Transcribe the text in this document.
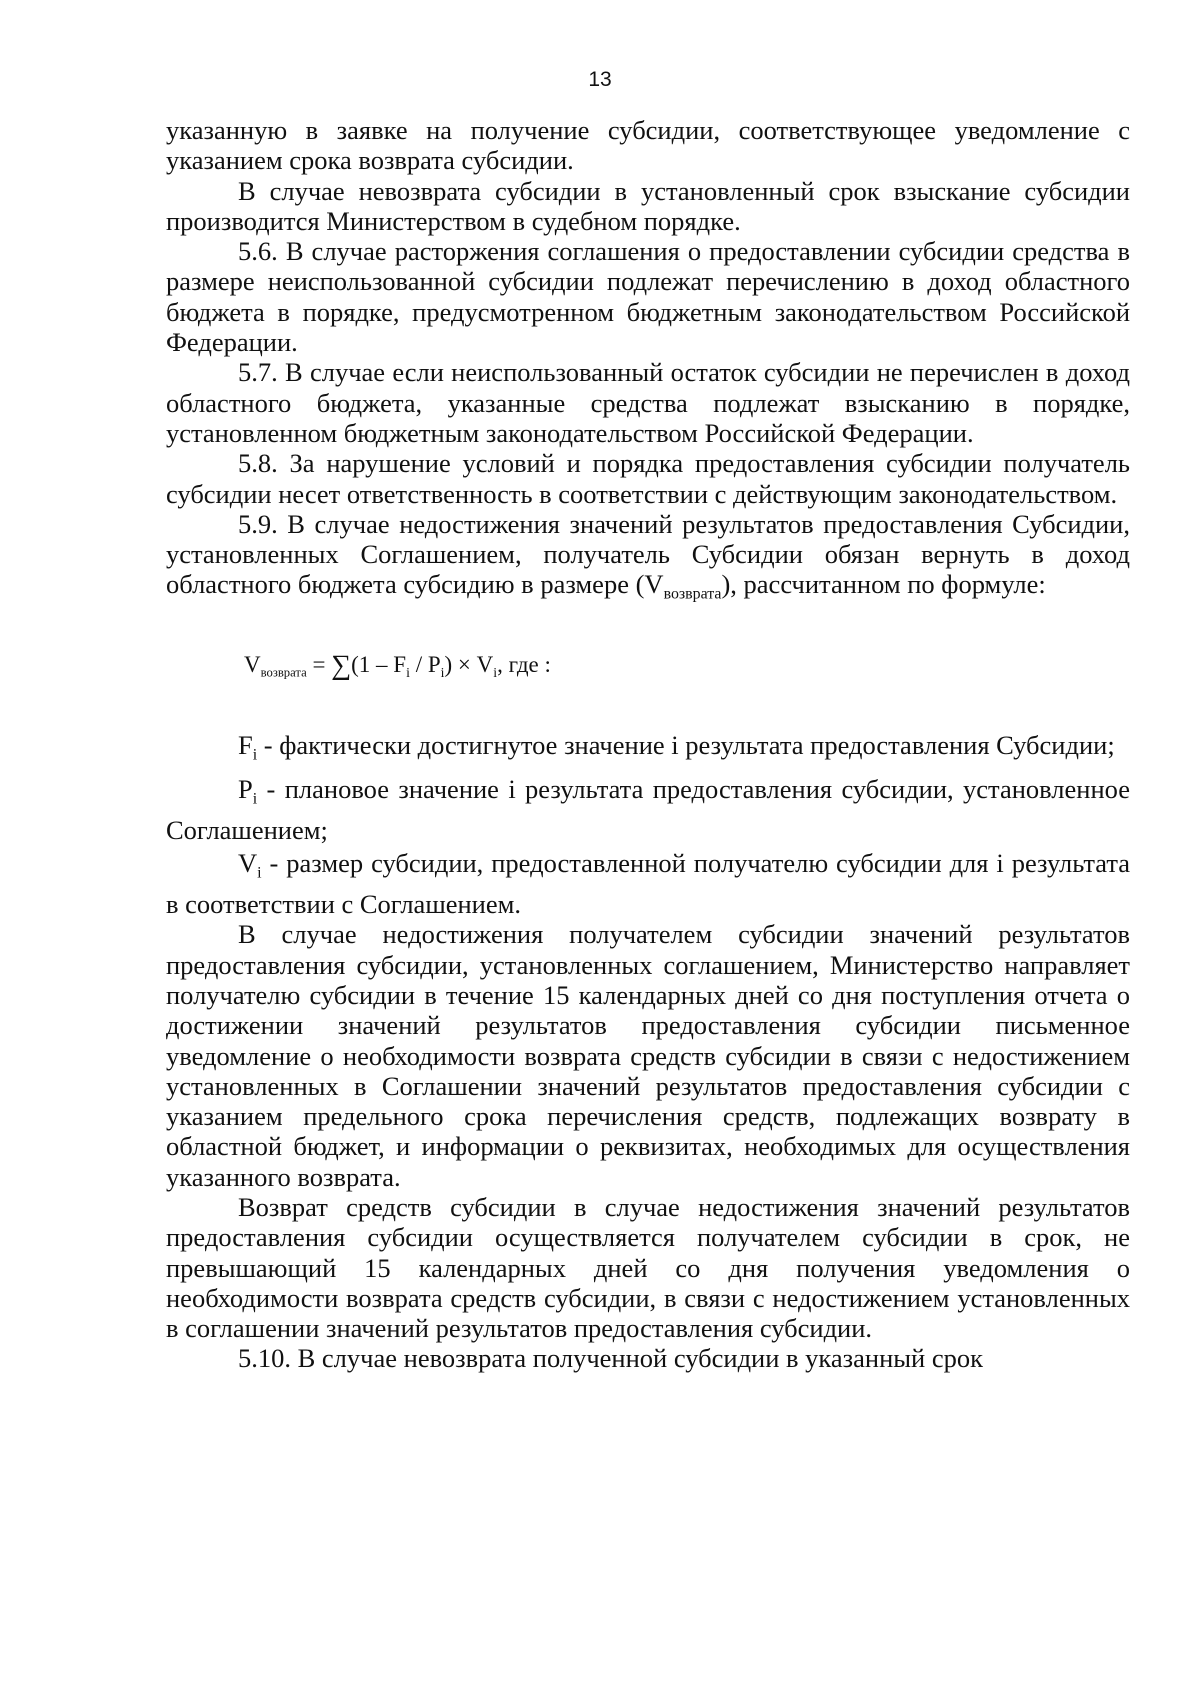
13

указанную в заявке на получение субсидии, соответствующее уведомление с указанием срока возврата субсидии.

В случае невозврата субсидии в установленный срок взыскание субсидии производится Министерством в судебном порядке.

5.6. В случае расторжения соглашения о предоставлении субсидии средства в размере неиспользованной субсидии подлежат перечислению в доход областного бюджета в порядке, предусмотренном бюджетным законодательством Российской Федерации.

5.7. В случае если неиспользованный остаток субсидии не перечислен в доход областного бюджета, указанные средства подлежат взысканию в порядке, установленном бюджетным законодательством Российской Федерации.

5.8. За нарушение условий и порядка предоставления субсидии получатель субсидии несет ответственность в соответствии с действующим законодательством.

5.9. В случае недостижения значений результатов предоставления Субсидии, установленных Соглашением, получатель Субсидии обязан вернуть в доход областного бюджета субсидию в размере $(V_{возврата})$, рассчитанном по формуле:

Vвозврата = $\sum(1 - F_i / P_i) \times V_i$, где :

$F_i$ - фактически достигнутое значение i результата предоставления Субсидии;

$P_i$ - плановое значение i результата предоставления субсидии, установленное Соглашением;

$V_i$ - размер субсидии, предоставленной получателю субсидии для i результата в соответствии с Соглашением.

В случае недостижения получателем субсидии значений результатов предоставления субсидии, установленных соглашением, Министерство направляет получателю субсидии в течение 15 календарных дней со дня поступления отчета о достижении значений результатов предоставления субсидии письменное уведомление о необходимости возврата средств субсидии в связи с недостижением установленных в Соглашении значений результатов предоставления субсидии с указанием предельного срока перечисления средств, подлежащих возврату в областной бюджет, и информации о реквизитах, необходимых для осуществления указанного возврата.

Возврат средств субсидии в случае недостижения значений результатов предоставления субсидии осуществляется получателем субсидии в срок, не превышающий 15 календарных дней со дня получения уведомления о необходимости возврата средств субсидии, в связи с недостижением установленных в соглашении значений результатов предоставления субсидии.

5.10. В случае невозврата полученной субсидии в указанный срок
